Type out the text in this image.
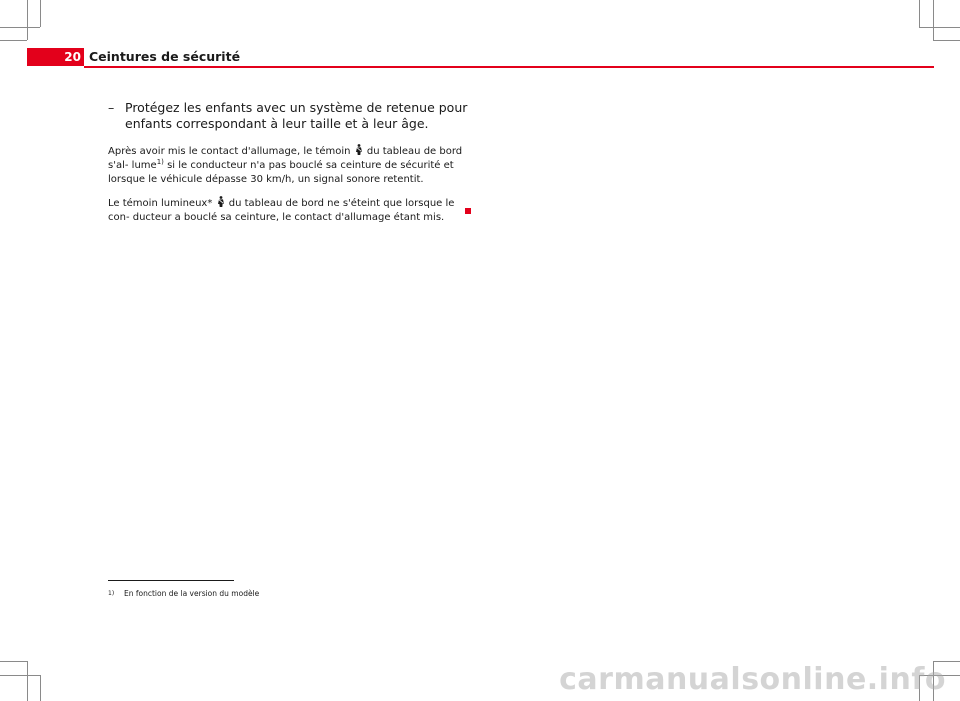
20 Ceintures de sécurité
– Protégez les enfants avec un système de retenue pour enfants correspondant à leur taille et à leur âge.

Après avoir mis le contact d'allumage, le témoin du tableau de bord s'al- lume$^{1)}$ si le conducteur n'a pas bouclé sa ceinture de sécurité et lorsque le véhicule dépasse 30 km/h, un signal sonore retentit.

Le témoin lumineux* du tableau de bord ne s'éteint que lorsque le con- ducteur a bouclé sa ceinture, le contact d'allumage étant mis.

1)	En fonction de la version du modèle
carmanualsonline.info
